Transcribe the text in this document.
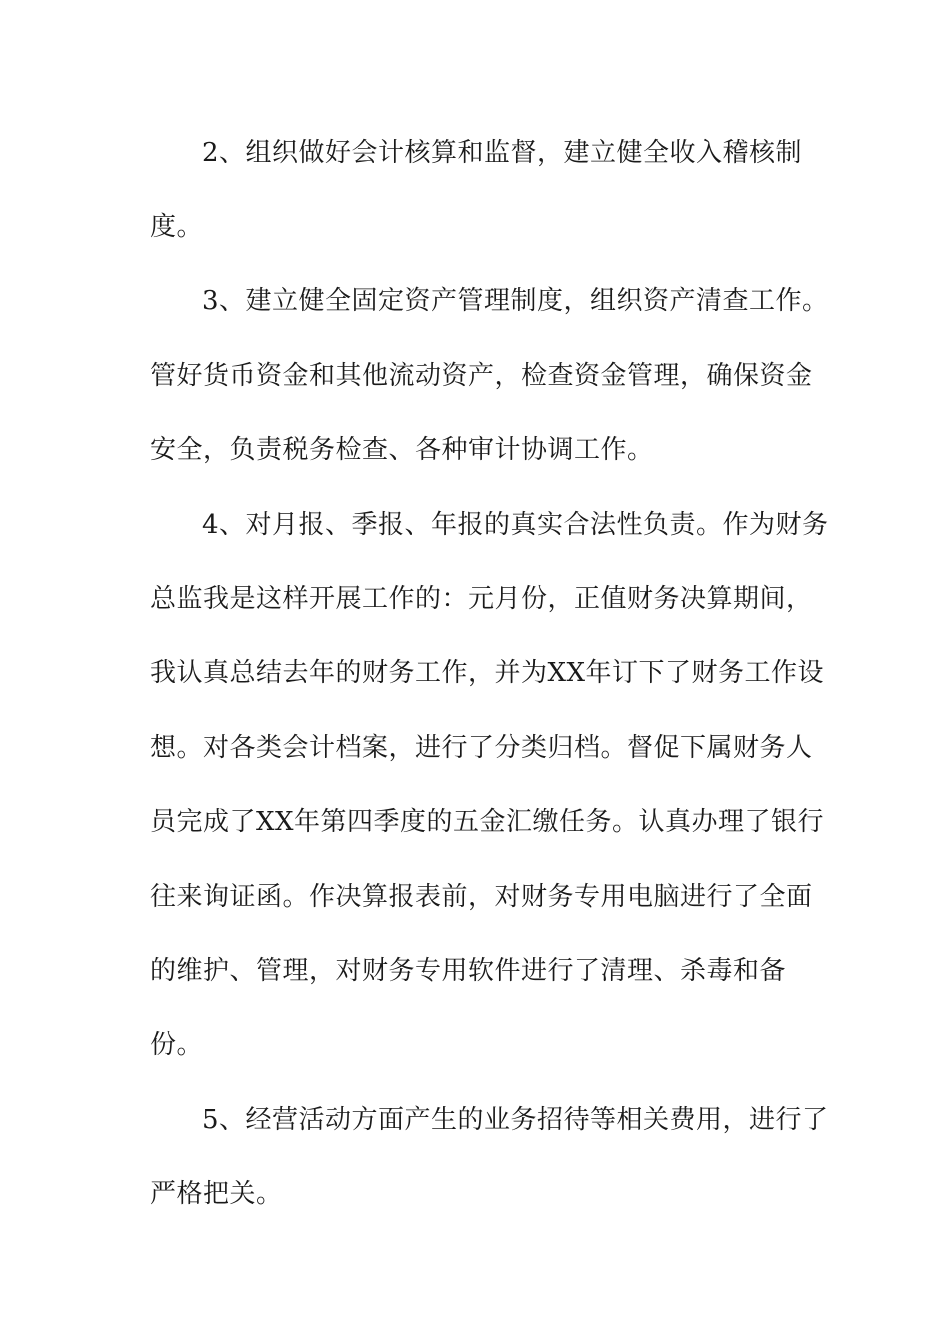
2、组织做好会计核算和监督，建立健全收入稽核制

度。

3、建立健全固定资产管理制度，组织资产清查工作。

管好货币资金和其他流动资产，检查资金管理，确保资金

安全，负责税务检查、各种审计协调工作。

4、对月报、季报、年报的真实合法性负责。作为财务

总监我是这样开展工作的：元月份，正值财务决算期间，

我认真总结去年的财务工作，并为XX年订下了财务工作设

想。对各类会计档案，进行了分类归档。督促下属财务人

员完成了XX年第四季度的五金汇缴任务。认真办理了银行

往来询证函。作决算报表前，对财务专用电脑进行了全面

的维护、管理，对财务专用软件进行了清理、杀毒和备

份。

5、经营活动方面产生的业务招待等相关费用，进行了

严格把关。
